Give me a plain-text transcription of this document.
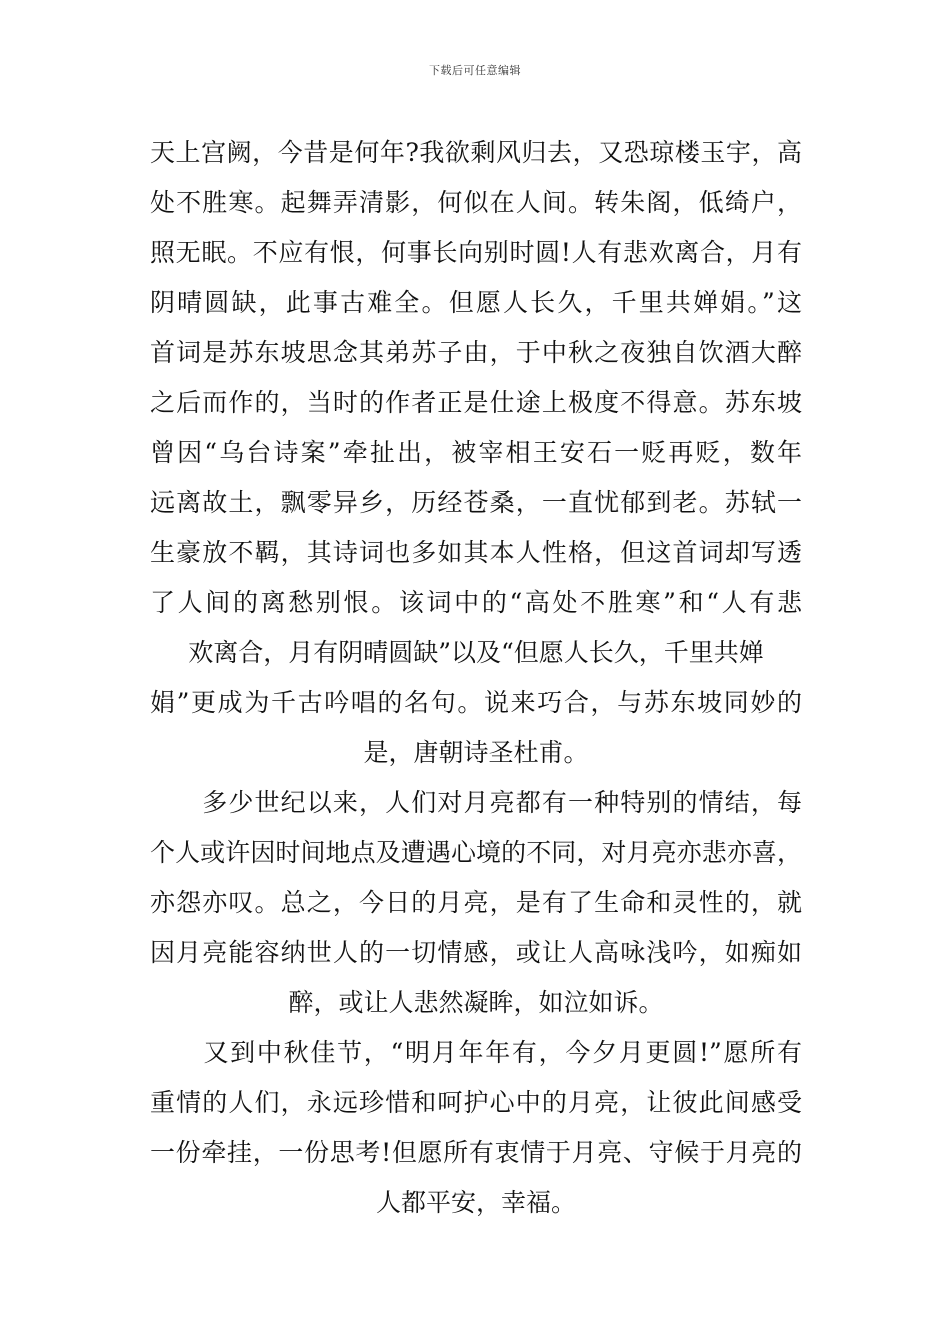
下载后可任意编辑
天上宫阙，今昔是何年?我欲剩风归去，又恐琼楼玉宇，高
处不胜寒。起舞弄清影，何似在人间。转朱阁，低绮户，
照无眠。不应有恨，何事长向别时圆!人有悲欢离合，月有
阴晴圆缺，此事古难全。但愿人长久，千里共婵娟。”这
首词是苏东坡思念其弟苏子由，于中秋之夜独自饮酒大醉
之后而作的，当时的作者正是仕途上极度不得意。苏东坡
曾因“乌台诗案”牵扯出，被宰相王安石一贬再贬，数年
远离故土，飘零异乡，历经苍桑，一直忧郁到老。苏轼一
生豪放不羁，其诗词也多如其本人性格，但这首词却写透
了人间的离愁别恨。该词中的“高处不胜寒”和“人有悲
欢离合，月有阴晴圆缺”以及“但愿人长久，千里共婵
娟”更成为千古吟唱的名句。说来巧合，与苏东坡同妙的
是，唐朝诗圣杜甫。
　　多少世纪以来，人们对月亮都有一种特别的情结，每
个人或许因时间地点及遭遇心境的不同，对月亮亦悲亦喜，
亦怨亦叹。总之，今日的月亮，是有了生命和灵性的，就
因月亮能容纳世人的一切情感，或让人高咏浅吟，如痴如
醉，或让人悲然凝眸，如泣如诉。
　　又到中秋佳节，“明月年年有，今夕月更圆!”愿所有
重情的人们，永远珍惜和呵护心中的月亮，让彼此间感受
一份牵挂，一份思考!但愿所有衷情于月亮、守候于月亮的
人都平安，幸福。
